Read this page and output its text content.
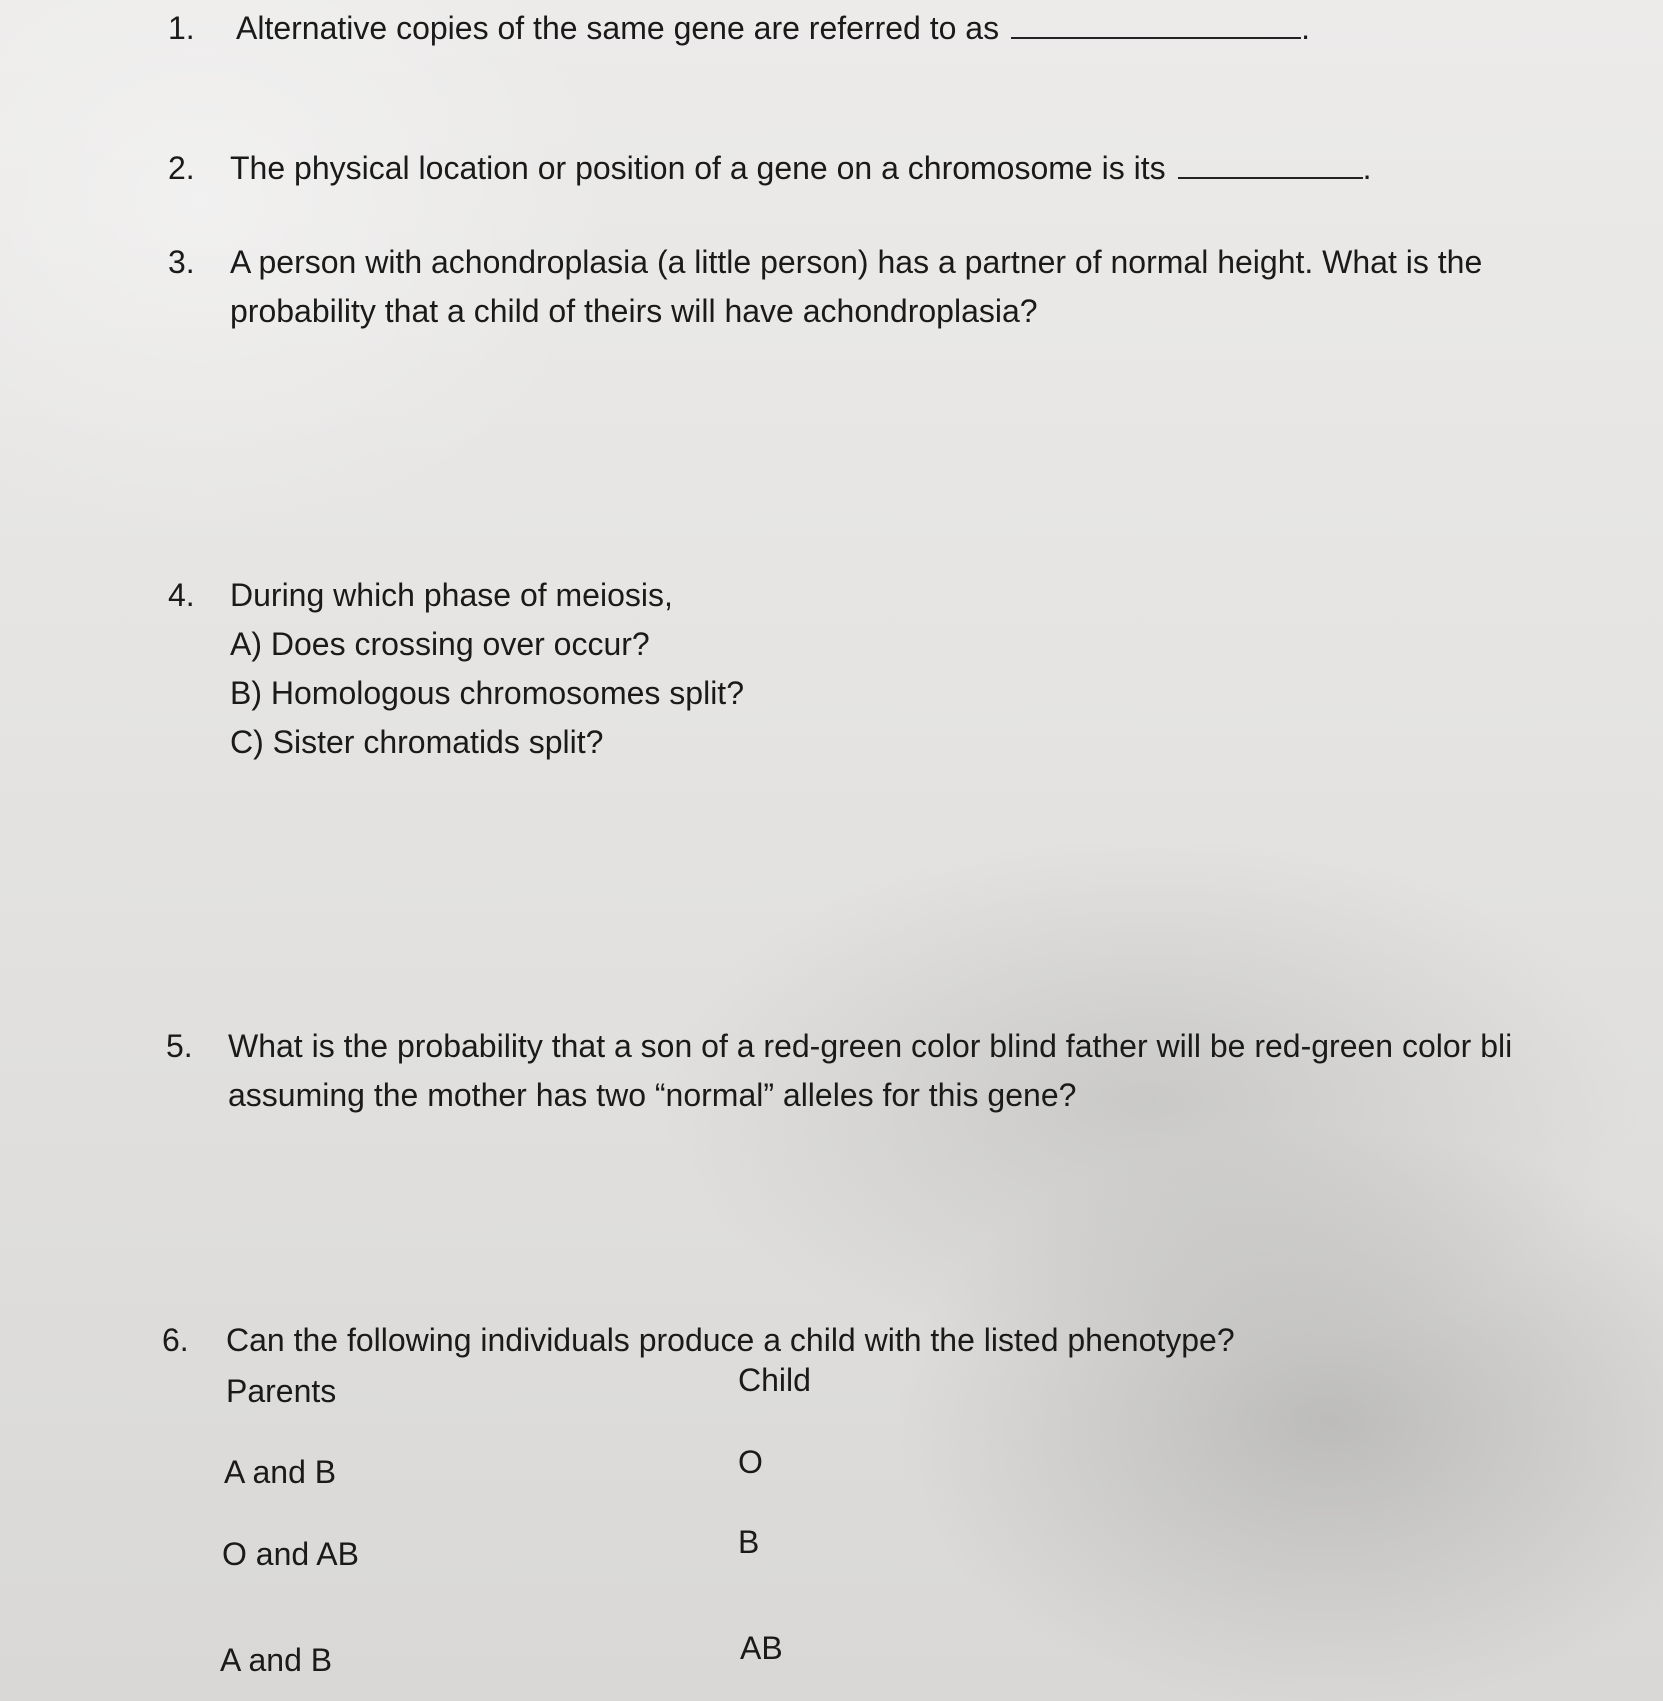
1. Alternative copies of the same gene are referred to as	.
2. The physical location or position of a gene on a chromosome is its	.
3. A person with achondroplasia (a little person) has a partner of normal height. What is the
probability that a child of theirs will have achondroplasia?
4. During which phase of meiosis,
A) Does crossing over occur?
B) Homologous chromosomes split?
C) Sister chromatids split?
5. What is the probability that a son of a red-green color blind father will be red-green color bli
assuming the mother has two “normal” alleles for this gene?
6. Can the following individuals produce a child with the listed phenotype?
Parents	Child
A and B	O
O and AB	B
A and B	AB
